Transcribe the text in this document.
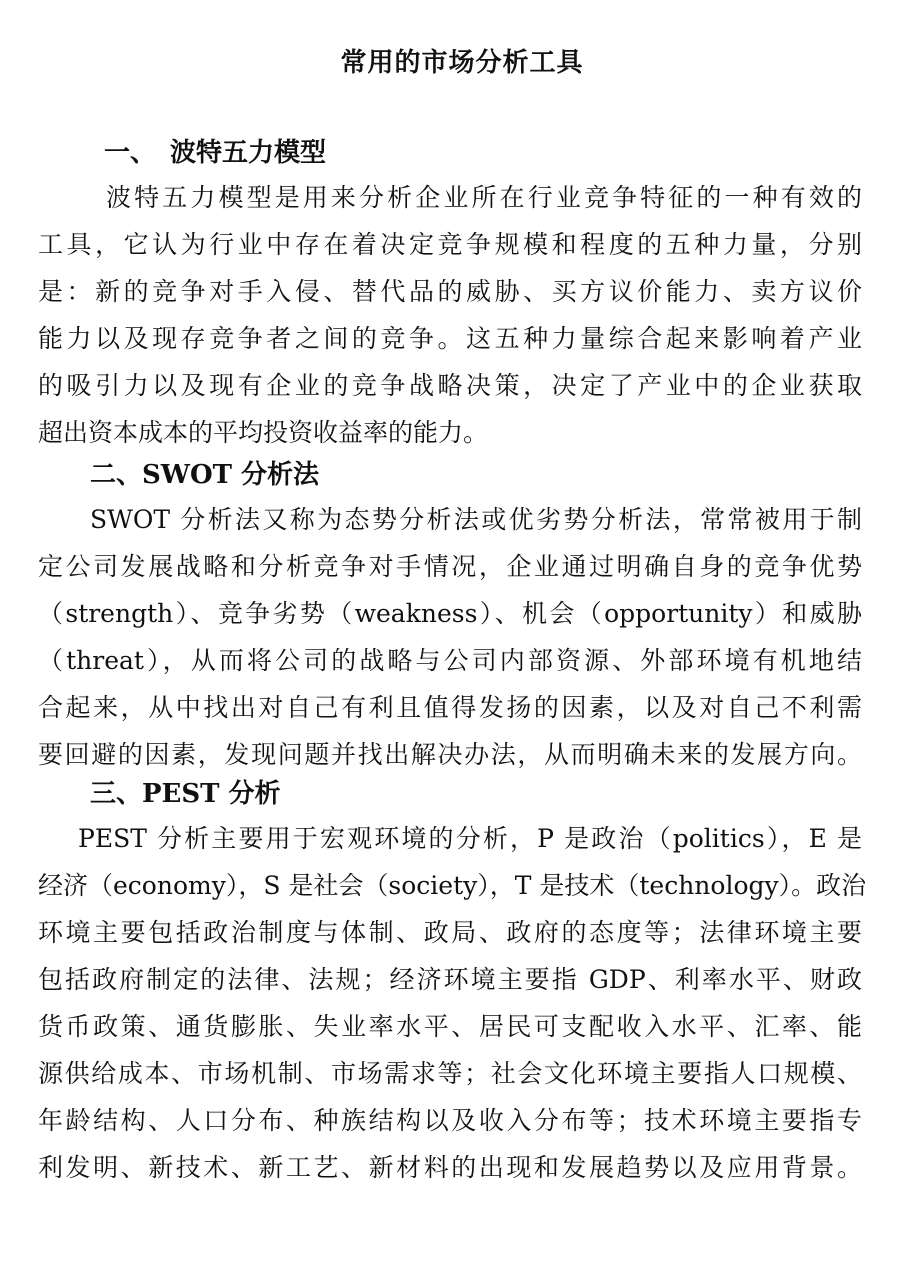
常用的市场分析工具
一、 波特五力模型
波特五力模型是用来分析企业所在行业竞争特征的一种有效的
工具，它认为行业中存在着决定竞争规模和程度的五种力量，分别
是：新的竞争对手入侵、替代品的威胁、买方议价能力、卖方议价
能力以及现存竞争者之间的竞争。这五种力量综合起来影响着产业
的吸引力以及现有企业的竞争战略决策，决定了产业中的企业获取
超出资本成本的平均投资收益率的能力。
二、SWOT 分析法
SWOT 分析法又称为态势分析法或优劣势分析法，常常被用于制
定公司发展战略和分析竞争对手情况，企业通过明确自身的竞争优势
（strength）、竞争劣势（weakness）、机会（opportunity）和威胁
（threat），从而将公司的战略与公司内部资源、外部环境有机地结
合起来，从中找出对自己有利且值得发扬的因素，以及对自己不利需
要回避的因素，发现问题并找出解决办法，从而明确未来的发展方向。
三、PEST 分析
PEST 分析主要用于宏观环境的分析，P 是政治（politics），E 是
经济（economy），S 是社会（society），T 是技术（technology）。政治
环境主要包括政治制度与体制、政局、政府的态度等；法律环境主要
包括政府制定的法律、法规；经济环境主要指 GDP、利率水平、财政
货币政策、通货膨胀、失业率水平、居民可支配收入水平、汇率、能
源供给成本、市场机制、市场需求等；社会文化环境主要指人口规模、
年龄结构、人口分布、种族结构以及收入分布等；技术环境主要指专
利发明、新技术、新工艺、新材料的出现和发展趋势以及应用背景。
